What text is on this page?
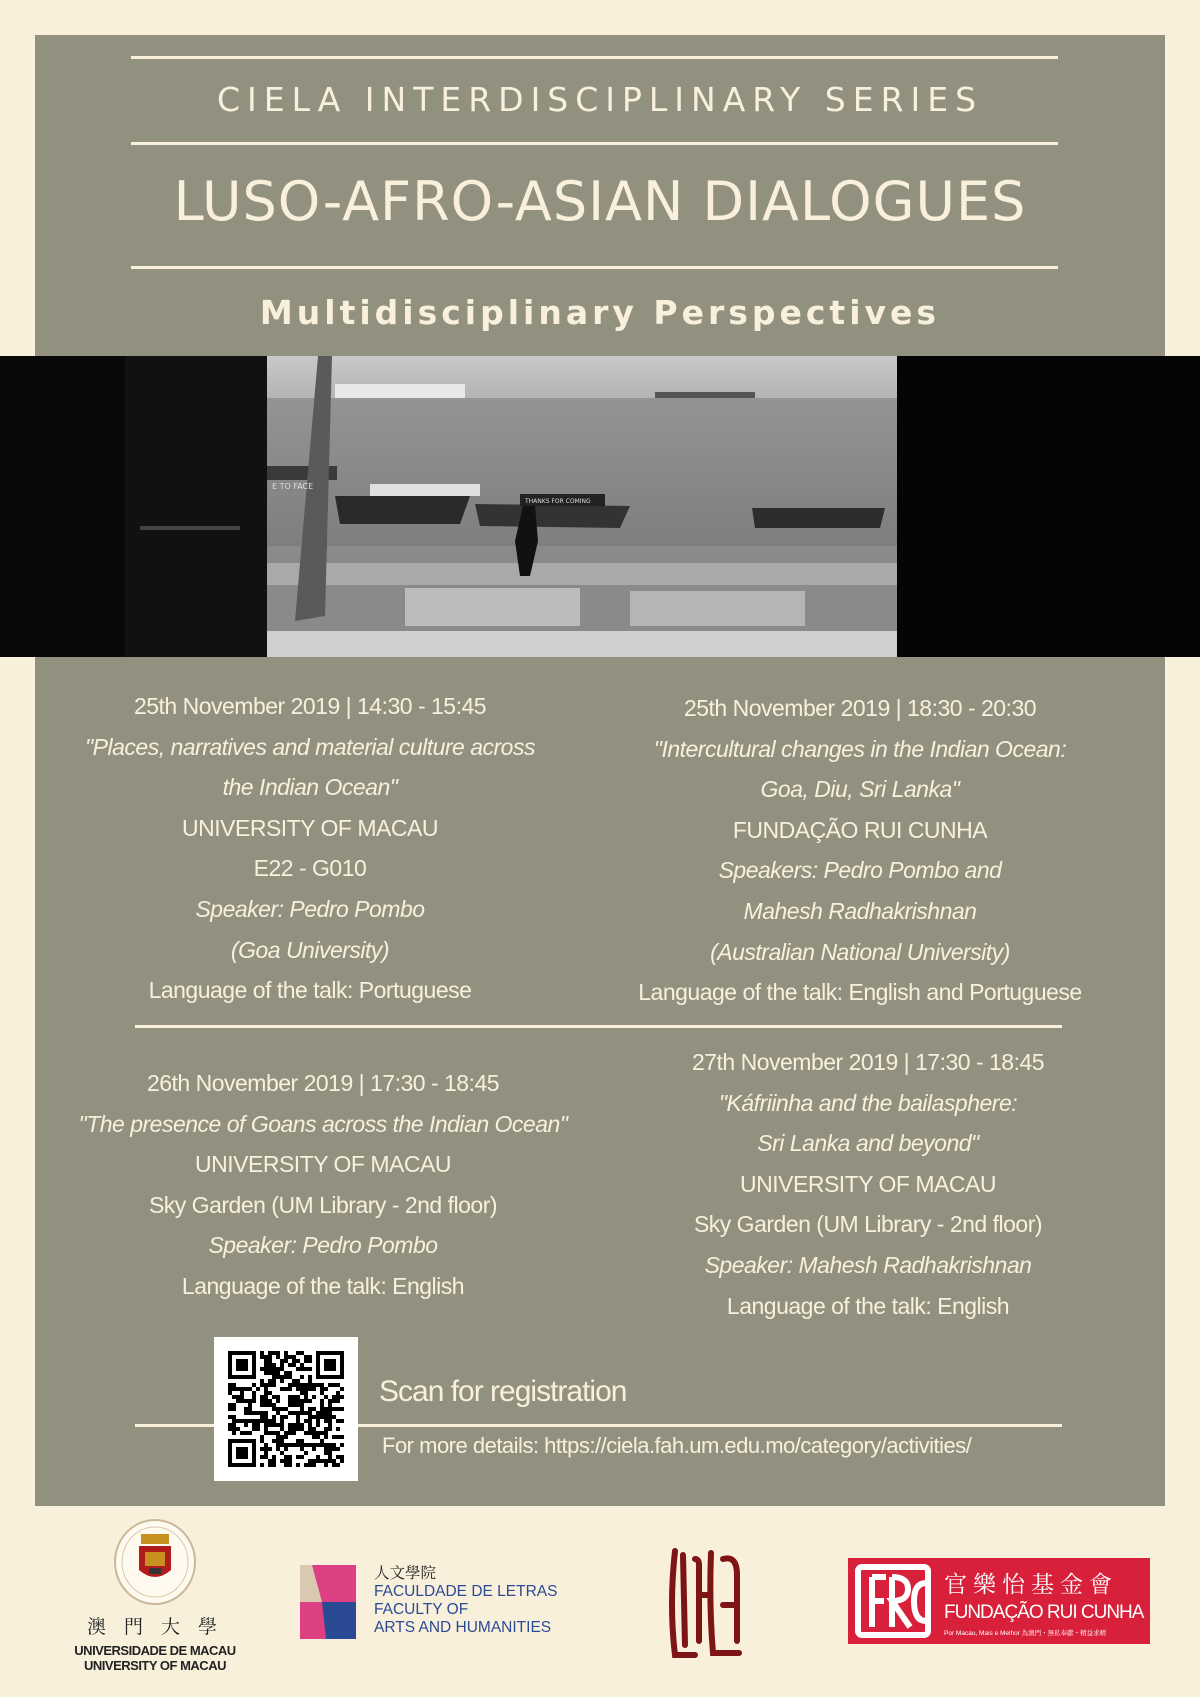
CIELA INTERDISCIPLINARY SERIES
LUSO-AFRO-ASIAN DIALOGUES
Multidisciplinary Perspectives
E TO FACE
THANKS FOR COMING
25th November 2019 | 14:30 - 15:45
"Places, narratives and material culture across
the Indian Ocean"
UNIVERSITY OF MACAU
E22 - G010
Speaker: Pedro Pombo
(Goa University)
Language of the talk: Portuguese
25th November 2019 | 18:30 - 20:30
"Intercultural changes in the Indian Ocean:
Goa, Diu, Sri Lanka"
FUNDAÇÃO RUI CUNHA
Speakers: Pedro Pombo and
Mahesh Radhakrishnan
(Australian National University)
Language of the talk: English and Portuguese
26th November 2019 | 17:30 - 18:45
"The presence of Goans across the Indian Ocean"
UNIVERSITY OF MACAU
Sky Garden (UM Library - 2nd floor)
Speaker: Pedro Pombo
Language of the talk: English
27th November 2019 | 17:30 - 18:45
"Káfriinha and the bailasphere:
Sri Lanka and beyond"
UNIVERSITY OF MACAU
Sky Garden (UM Library - 2nd floor)
Speaker: Mahesh Radhakrishnan
Language of the talk: English
Scan for registration
For more details: https://ciela.fah.um.edu.mo/category/activities/
澳 門 大 學
UNIVERSIDADE DE MACAU
UNIVERSITY OF MACAU
人文學院
FACULDADE DE LETRAS
FACULTY OF
ARTS AND HUMANITIES
官樂怡基金會
FUNDAÇÃO RUI CUNHA
Por Macau, Mais e Melhor 為澳門・無私奉獻・精益求精
